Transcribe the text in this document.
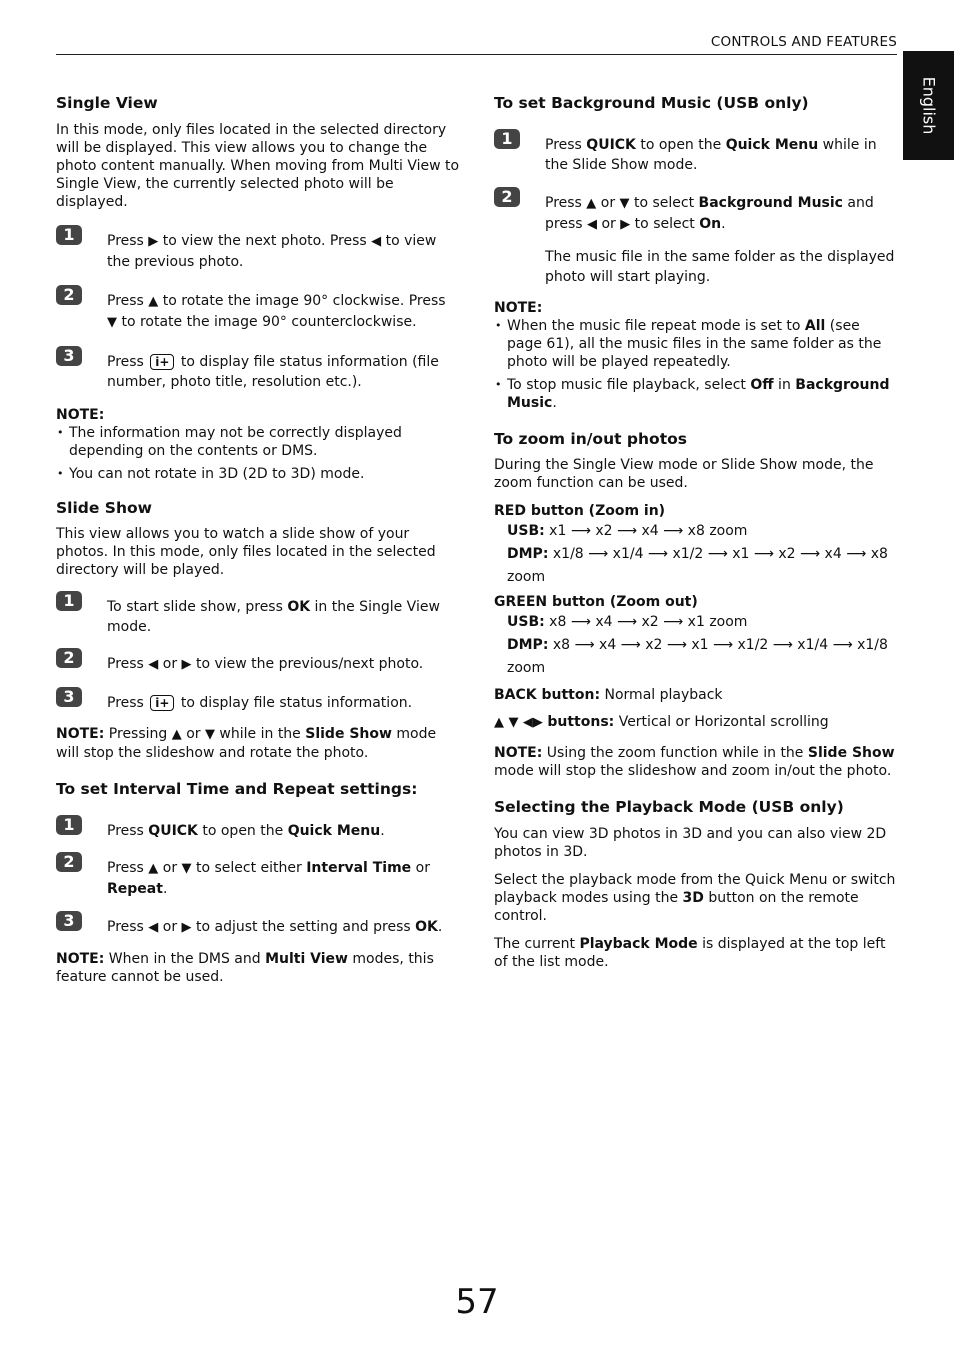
CONTROLS AND FEATURES
English
Single View

In this mode, only files located in the selected directory will be displayed. This view allows you to change the photo content manually. When moving from Multi View to Single View, the currently selected photo will be displayed.

1	Press ▶ to view the next photo. Press ◀ to view the previous photo.
2	Press ▲ to rotate the image 90° clockwise. Press ▼ to rotate the image 90° counterclockwise.
3	Press i+ to display file status information (file number, photo title, resolution etc.).
NOTE:
• The information may not be correctly displayed depending on the contents or DMS.
• You can not rotate in 3D (2D to 3D) mode.
Slide Show

This view allows you to watch a slide show of your photos. In this mode, only files located in the selected directory will be played.

1	To start slide show, press OK in the Single View mode.
2	Press ◀ or ▶ to view the previous/next photo.
3	Press i+ to display file status information.

NOTE: Pressing ▲ or ▼ while in the Slide Show mode will stop the slideshow and rotate the photo.

To set Interval Time and Repeat settings:
1	Press QUICK to open the Quick Menu.
2	Press ▲ or ▼ to select either Interval Time or Repeat.
3	Press ◀ or ▶ to adjust the setting and press OK.

NOTE: When in the DMS and Multi View modes, this feature cannot be used.

To set Background Music (USB only)
1	Press QUICK to open the Quick Menu while in the Slide Show mode.
2	Press ▲ or ▼ to select Background Music and press ◀ or ▶ to select On.
The music file in the same folder as the displayed photo will start playing.
NOTE:
• When the music file repeat mode is set to All (see page 61), all the music files in the same folder as the photo will be played repeatedly.
• To stop music file playback, select Off in Background Music.
To zoom in/out photos

During the Single View mode or Slide Show mode, the zoom function can be used.

RED button (Zoom in)
USB: x1 ⟶ x2 ⟶ x4 ⟶ x8 zoom
DMP: x1/8 ⟶ x1/4 ⟶ x1/2 ⟶ x1 ⟶ x2 ⟶ x4 ⟶ x8 zoom
GREEN button (Zoom out)
USB: x8 ⟶ x4 ⟶ x2 ⟶ x1 zoom
DMP: x8 ⟶ x4 ⟶ x2 ⟶ x1 ⟶ x1/2 ⟶ x1/4 ⟶ x1/8 zoom

BACK button: Normal playback

▲ ▼ ◀▶ buttons: Vertical or Horizontal scrolling

NOTE: Using the zoom function while in the Slide Show mode will stop the slideshow and zoom in/out the photo.

Selecting the Playback Mode (USB only)

You can view 3D photos in 3D and you can also view 2D photos in 3D.

Select the playback mode from the Quick Menu or switch playback modes using the 3D button on the remote control.

The current Playback Mode is displayed at the top left of the list mode.

57
